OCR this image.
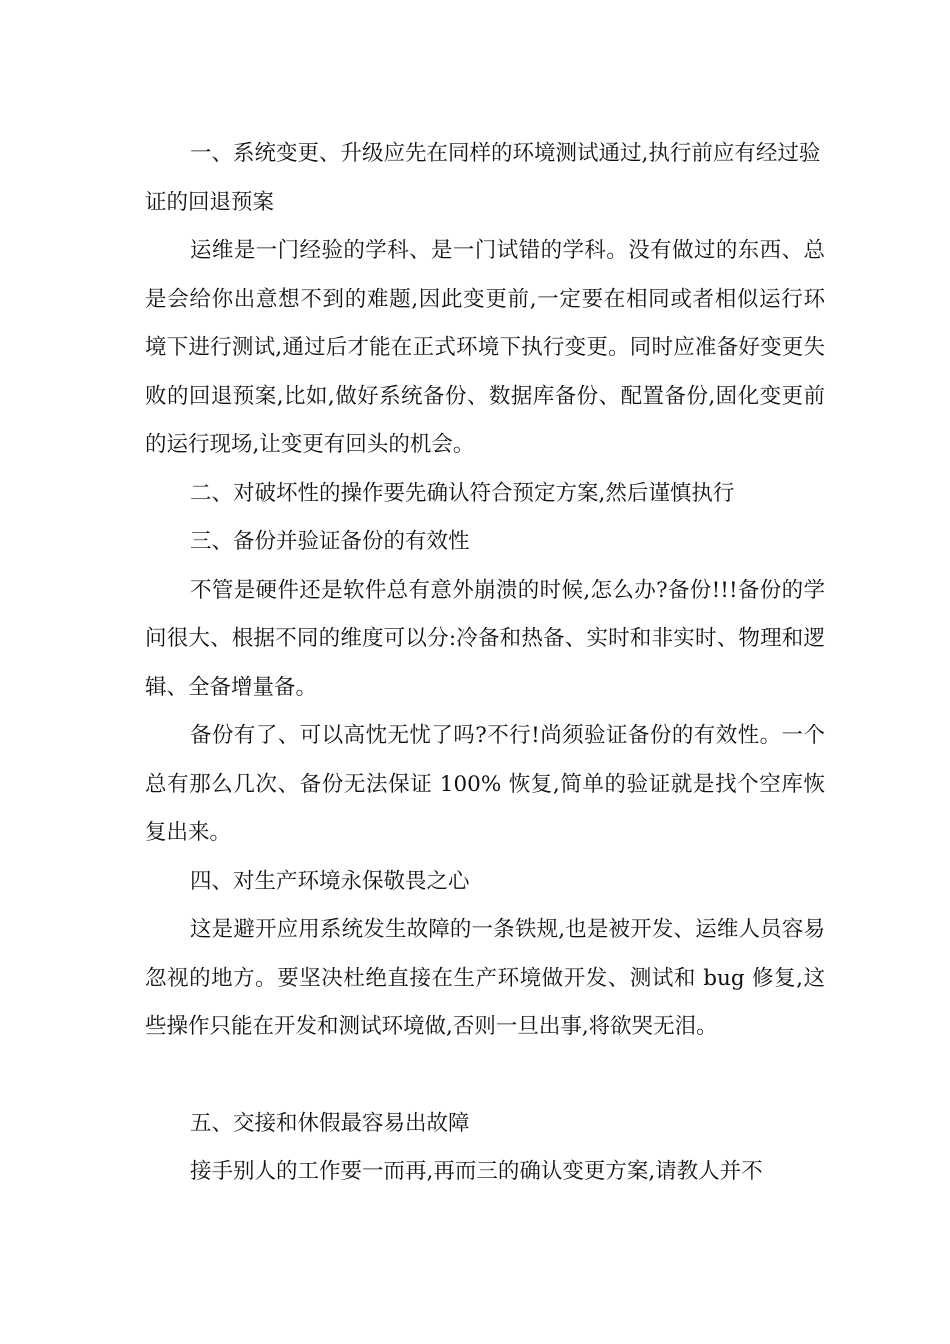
一、系统变更、升级应先在同样的环境测试通过,执行前应有经过验证的回退预案

运维是一门经验的学科、是一门试错的学科。没有做过的东西、总是会给你出意想不到的难题,因此变更前,一定要在相同或者相似运行环境下进行测试,通过后才能在正式环境下执行变更。同时应准备好变更失败的回退预案,比如,做好系统备份、数据库备份、配置备份,固化变更前的运行现场,让变更有回头的机会。

二、对破坏性的操作要先确认符合预定方案,然后谨慎执行

三、备份并验证备份的有效性

不管是硬件还是软件总有意外崩溃的时候,怎么办?备份!!!备份的学问很大、根据不同的维度可以分:冷备和热备、实时和非实时、物理和逻辑、全备增量备。

备份有了、可以高忱无忧了吗?不行!尚须验证备份的有效性。一个总有那么几次、备份无法保证 100% 恢复,简单的验证就是找个空库恢复出来。

四、对生产环境永保敬畏之心

这是避开应用系统发生故障的一条铁规,也是被开发、运维人员容易忽视的地方。要坚决杜绝直接在生产环境做开发、测试和 bug 修复,这些操作只能在开发和测试环境做,否则一旦出事,将欲哭无泪。

五、交接和休假最容易出故障

接手别人的工作要一而再,再而三的确认变更方案,请教人并不
